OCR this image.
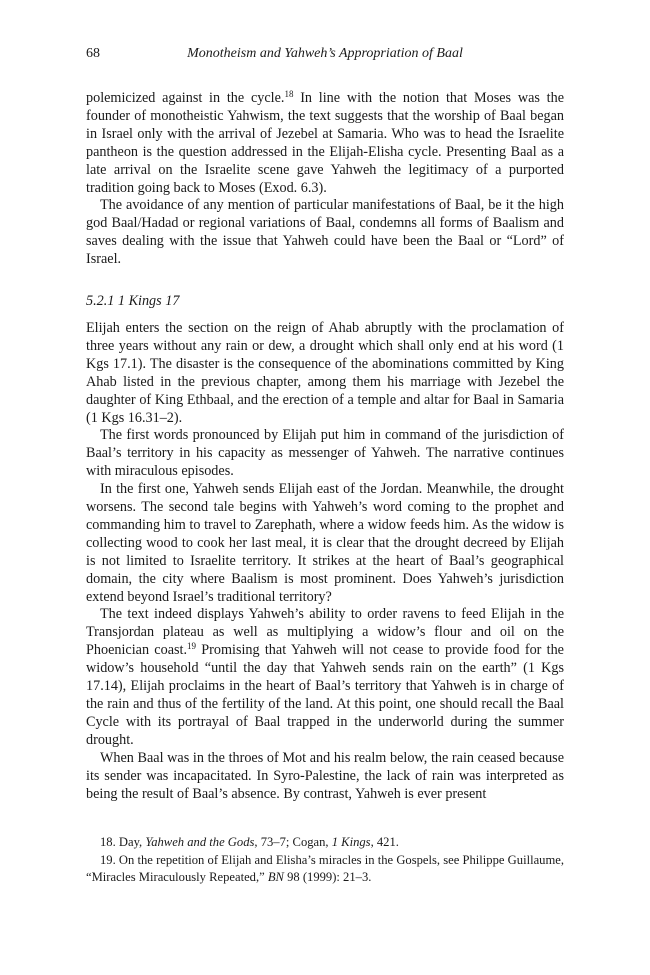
68	Monotheism and Yahweh’s Appropriation of Baal

polemicized against in the cycle.$^{18}$ In line with the notion that Moses was the founder of monotheistic Yahwism, the text suggests that the worship of Baal began in Israel only with the arrival of Jezebel at Samaria. Who was to head the Israelite pantheon is the question addressed in the Elijah-Elisha cycle. Presenting Baal as a late arrival on the Israelite scene gave Yahweh the legitimacy of a purported tradition going back to Moses (Exod. 6.3).

The avoidance of any mention of particular manifestations of Baal, be it the high god Baal/Hadad or regional variations of Baal, condemns all forms of Baalism and saves dealing with the issue that Yahweh could have been the Baal or “Lord” of Israel.

5.2.1 1 Kings 17

Elijah enters the section on the reign of Ahab abruptly with the proclamation of three years without any rain or dew, a drought which shall only end at his word (1 Kgs 17.1). The disaster is the consequence of the abominations committed by King Ahab listed in the previous chapter, among them his marriage with Jezebel the daughter of King Ethbaal, and the erection of a temple and altar for Baal in Samaria (1 Kgs 16.31–2).

The first words pronounced by Elijah put him in command of the jurisdiction of Baal’s territory in his capacity as messenger of Yahweh. The narrative continues with miraculous episodes.

In the first one, Yahweh sends Elijah east of the Jordan. Meanwhile, the drought worsens. The second tale begins with Yahweh’s word coming to the prophet and commanding him to travel to Zarephath, where a widow feeds him. As the widow is collecting wood to cook her last meal, it is clear that the drought decreed by Elijah is not limited to Israelite territory. It strikes at the heart of Baal’s geographical domain, the city where Baalism is most prominent. Does Yahweh’s jurisdiction extend beyond Israel’s traditional territory?

The text indeed displays Yahweh’s ability to order ravens to feed Elijah in the Transjordan plateau as well as multiplying a widow’s flour and oil on the Phoenician coast.$^{19}$ Promising that Yahweh will not cease to provide food for the widow’s household “until the day that Yahweh sends rain on the earth” (1 Kgs 17.14), Elijah proclaims in the heart of Baal’s territory that Yahweh is in charge of the rain and thus of the fertility of the land. At this point, one should recall the Baal Cycle with its portrayal of Baal trapped in the underworld during the summer drought.

When Baal was in the throes of Mot and his realm below, the rain ceased because its sender was incapacitated. In Syro-Palestine, the lack of rain was interpreted as being the result of Baal’s absence. By contrast, Yahweh is ever present

18. Day, Yahweh and the Gods, 73–7; Cogan, 1 Kings, 421.

19. On the repetition of Elijah and Elisha’s miracles in the Gospels, see Philippe Guillaume, “Miracles Miraculously Repeated,” BN 98 (1999): 21–3.
